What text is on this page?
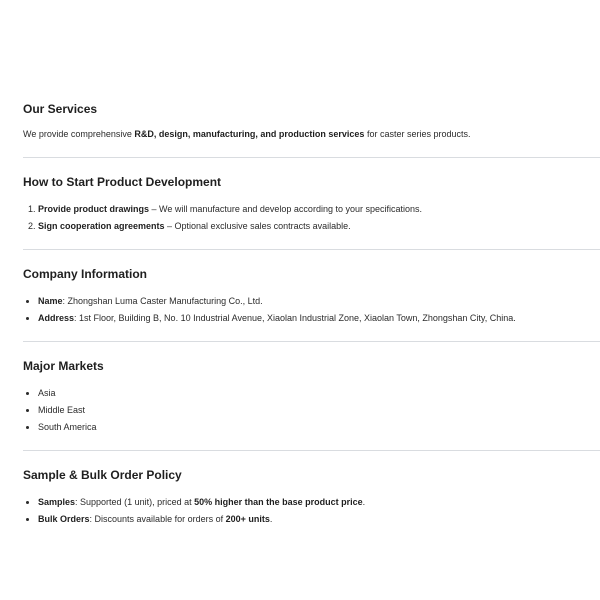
Our Services

We provide comprehensive R&D, design, manufacturing, and production services for caster series products.

How to Start Product Development
1. Provide product drawings – We will manufacture and develop according to your specifications.
2. Sign cooperation agreements – Optional exclusive sales contracts available.
Company Information
• Name: Zhongshan Luma Caster Manufacturing Co., Ltd.
• Address: 1st Floor, Building B, No. 10 Industrial Avenue, Xiaolan Industrial Zone, Xiaolan Town, Zhongshan City, China.
Major Markets
• Asia
• Middle East
• South America
Sample & Bulk Order Policy
• Samples: Supported (1 unit), priced at 50% higher than the base product price.
• Bulk Orders: Discounts available for orders of 200+ units.
